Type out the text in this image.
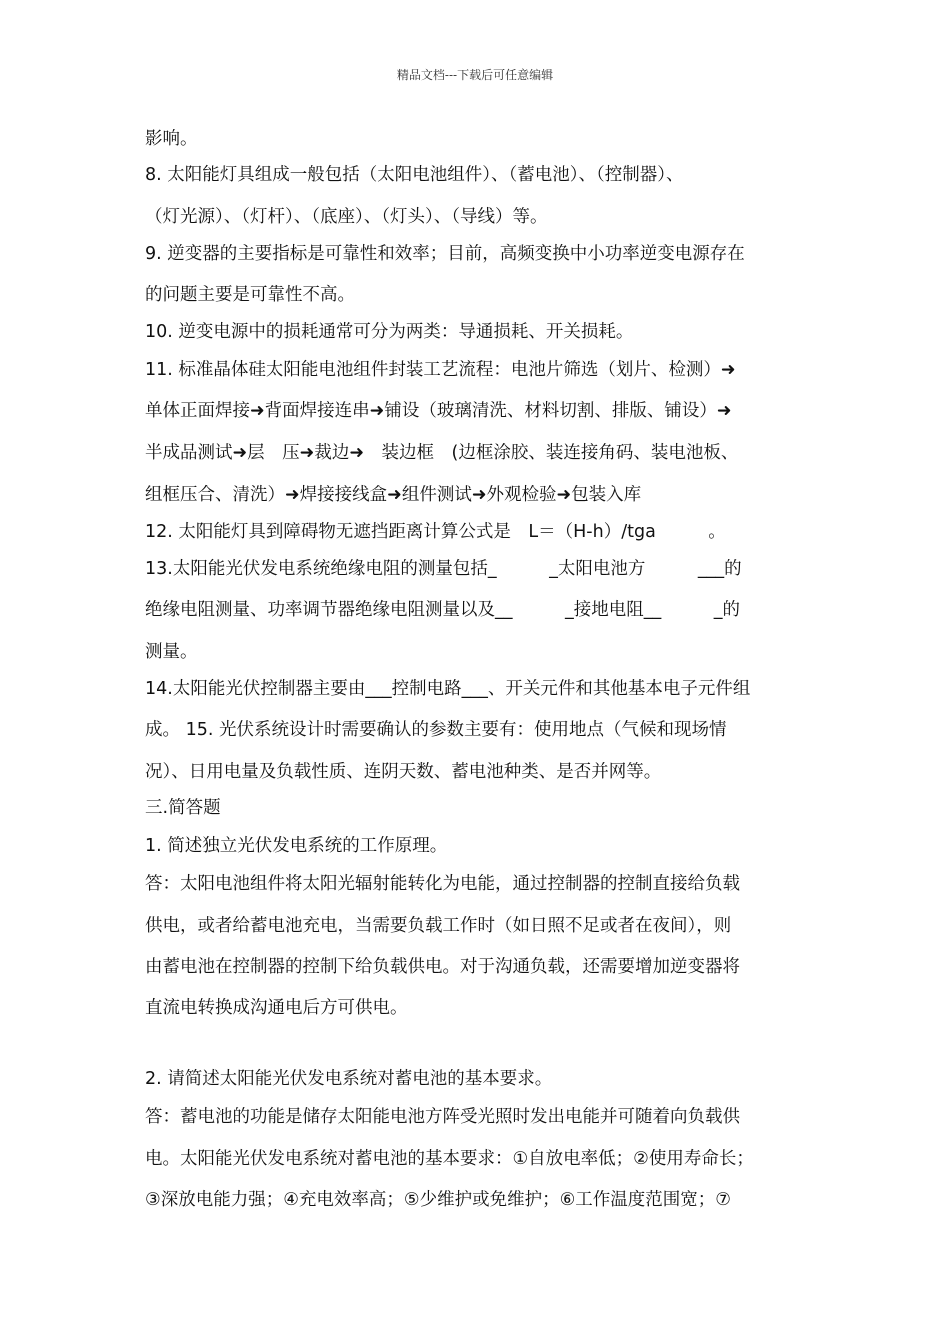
精品文档---下载后可任意编辑
影响。
8. 太阳能灯具组成一般包括（太阳电池组件）、（蓄电池）、（控制器）、
（灯光源）、（灯杆）、（底座）、（灯头）、（导线）等。
9. 逆变器的主要指标是可靠性和效率；目前，高频变换中小功率逆变电源存在
的问题主要是可靠性不高。
10. 逆变电源中的损耗通常可分为两类：导通损耗、开关损耗。
11. 标准晶体硅太阳能电池组件封装工艺流程：电池片筛选（划片、检测）➜
单体正面焊接➜背面焊接连串➜铺设（玻璃清洗、材料切割、排版、铺设）➜
半成品测试➜层　压➜裁边➜　装边框　(边框涂胶、装连接角码、装电池板、
组框压合、清洗）➜焊接接线盒➜组件测试➜外观检验➜包装入库
12. 太阳能灯具到障碍物无遮挡距离计算公式是　L＝（H-h）/tga　　　。
13.太阳能光伏发电系统绝缘电阻的测量包括_　　　_太阳电池方　　　___的
绝缘电阻测量、功率调节器绝缘电阻测量以及__　　　_接地电阻__　　　_的
测量。
14.太阳能光伏控制器主要由___控制电路___、开关元件和其他基本电子元件组
成。 15. 光伏系统设计时需要确认的参数主要有：使用地点（气候和现场情
况）、日用电量及负载性质、连阴天数、蓄电池种类、是否并网等。
三.简答题
1. 简述独立光伏发电系统的工作原理。
答：太阳电池组件将太阳光辐射能转化为电能，通过控制器的控制直接给负载
供电，或者给蓄电池充电，当需要负载工作时（如日照不足或者在夜间），则
由蓄电池在控制器的控制下给负载供电。对于沟通负载，还需要增加逆变器将
直流电转换成沟通电后方可供电。
2. 请简述太阳能光伏发电系统对蓄电池的基本要求。
答：蓄电池的功能是储存太阳能电池方阵受光照时发出电能并可随着向负载供
电。太阳能光伏发电系统对蓄电池的基本要求：①自放电率低；②使用寿命长；
③深放电能力强；④充电效率高；⑤少维护或免维护；⑥工作温度范围宽；⑦
